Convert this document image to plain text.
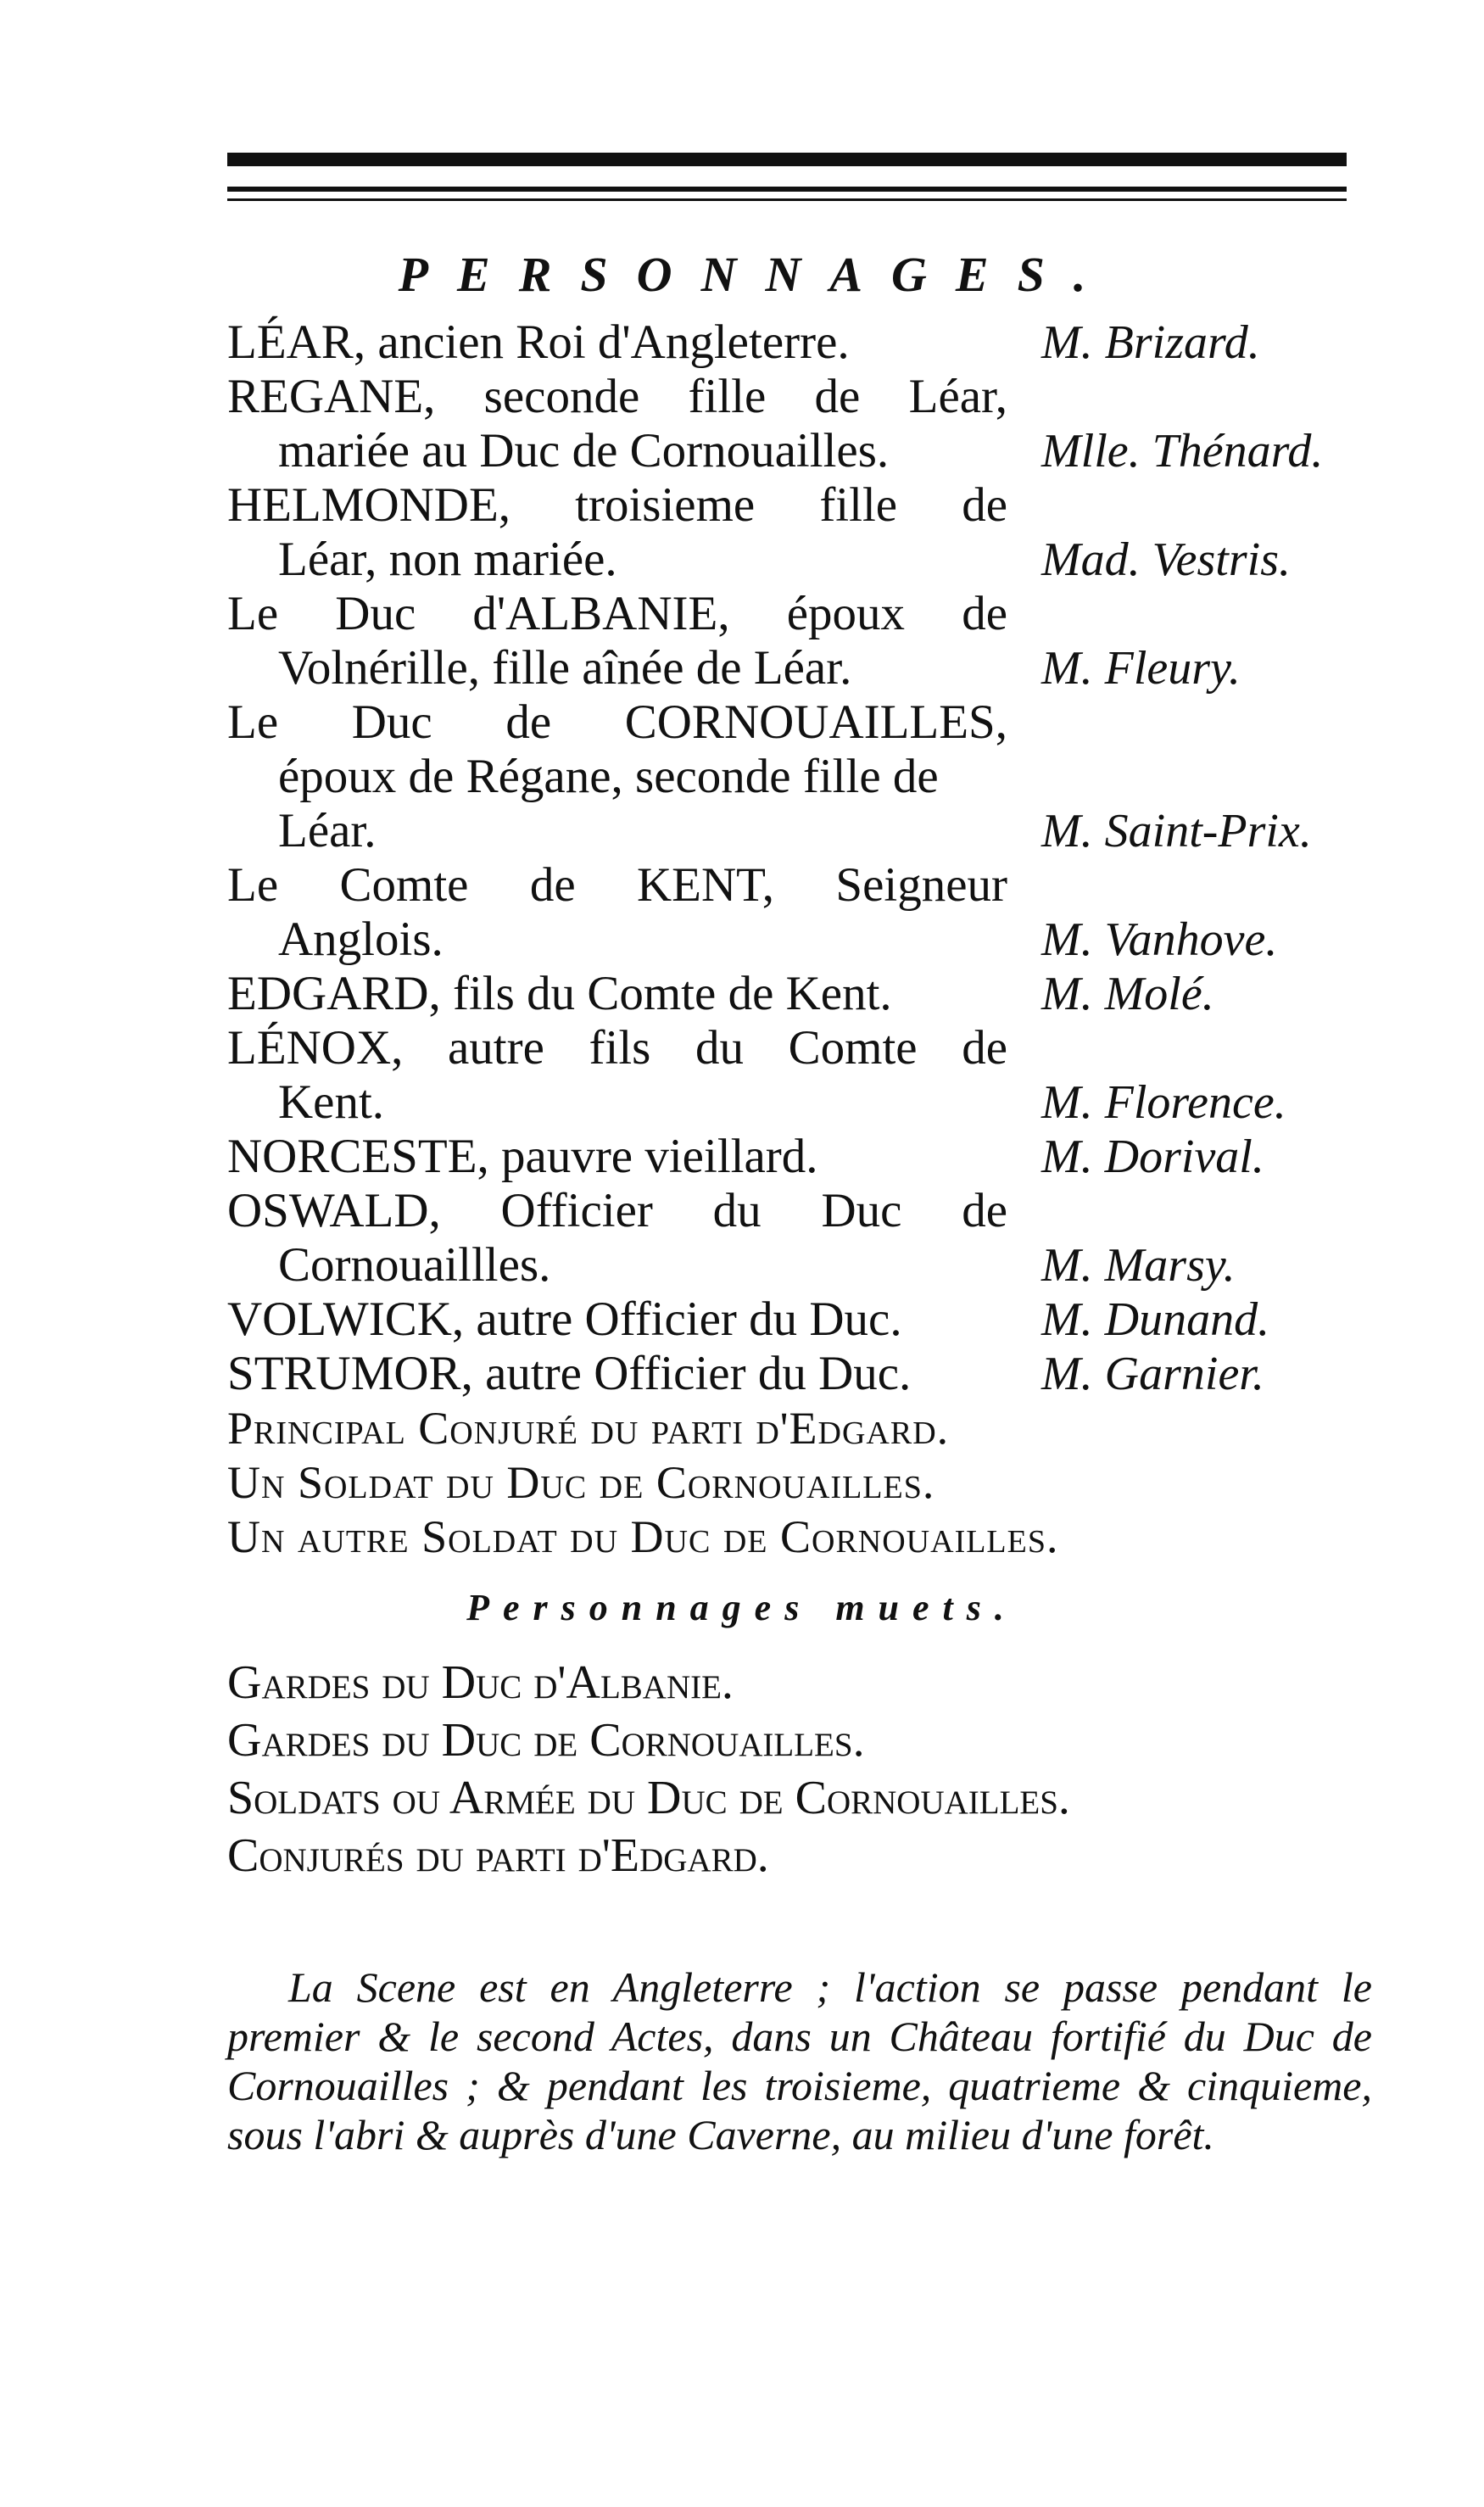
PERSONNAGES.
LÉAR, ancien Roi d'Angleterre.	M. Brizard.
REGANE, seconde fille de Léar,
mariée au Duc de Cornouailles.	Mlle. Thénard.
HELMONDE, troisieme fille de
Léar, non mariée.	Mad. Vestris.
Le Duc d'ALBANIE, époux de
Volnérille, fille aînée de Léar.	M. Fleury.
Le Duc de CORNOUAILLES,
époux de Régane, seconde fille de
Léar.	M. Saint-Prix.
Le Comte de KENT, Seigneur
Anglois.	M. Vanhove.
EDGARD, fils du Comte de Kent.	M. Molé.
LÉNOX, autre fils du Comte de
Kent.	M. Florence.
NORCESTE, pauvre vieillard.	M. Dorival.
OSWALD, Officier du Duc de
Cornouaillles.	M. Marsy.
VOLWICK, autre Officier du Duc.	M. Dunand.
STRUMOR, autre Officier du Duc.	M. Garnier.
Principal Conjuré du parti d'Edgard.
Un Soldat du Duc de Cornouailles.
Un autre Soldat du Duc de Cornouailles.
Personnages muets.
Gardes du Duc d'Albanie.
Gardes du Duc de Cornouailles.
Soldats ou Armée du Duc de Cornouailles.
Conjurés du parti d'Edgard.

La Scene est en Angleterre ; l'action se passe pendant le premier & le second Actes, dans un Château fortifié du Duc de Cornouailles ; & pendant les troisieme, quatrieme & cinquieme, sous l'abri & auprès d'une Caverne, au milieu d'une forêt.
